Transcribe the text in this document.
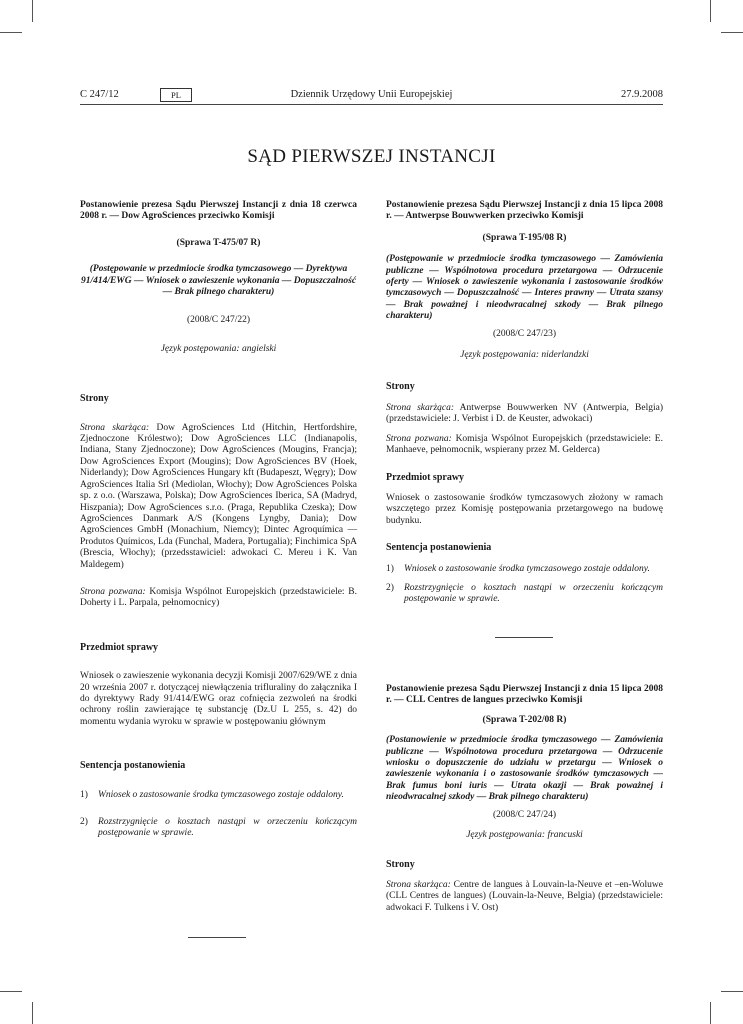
C 247/12	PL	Dziennik Urzędowy Unii Europejskiej	27.9.2008
SĄD PIERWSZEJ INSTANCJI

Postanowienie prezesa Sądu Pierwszej Instancji z dnia 18 czerwca 2008 r. — Dow AgroSciences przeciwko Komisji

(Sprawa T-475/07 R)

(Postępowanie w przedmiocie środka tymczasowego — Dyrektywa 91/414/EWG — Wniosek o zawieszenie wykonania — Dopuszczalność — Brak pilnego charakteru)

(2008/C 247/22)

Język postępowania: angielski

Strony

Strona skarżąca: Dow AgroSciences Ltd (Hitchin, Hertfordshire, Zjednoczone Królestwo); Dow AgroSciences LLC (Indianapolis, Indiana, Stany Zjednoczone); Dow AgroSciences (Mougins, Francja); Dow AgroSciences Export (Mougins); Dow AgroSciences BV (Hoek, Niderlandy); Dow AgroSciences Hungary kft (Budapeszt, Węgry); Dow AgroSciences Italia Srl (Mediolan, Włochy); Dow AgroSciences Polska sp. z o.o. (Warszawa, Polska); Dow AgroSciences Iberica, SA (Madryd, Hiszpania); Dow AgroSciences s.r.o. (Praga, Republika Czeska); Dow AgroSciences Danmark A/S (Kongens Lyngby, Dania); Dow AgroSciences GmbH (Monachium, Niemcy); Dintec Agroquímica — Produtos Químicos, Lda (Funchal, Madera, Portugalia); Finchimica SpA (Brescia, Włochy); (przedsstawiciel: adwokaci C. Mereu i K. Van Maldegem)

Strona pozwana: Komisja Wspólnot Europejskich (przedstawiciele: B. Doherty i L. Parpala, pełnomocnicy)

Przedmiot sprawy

Wniosek o zawieszenie wykonania decyzji Komisji 2007/629/WE z dnia 20 września 2007 r. dotyczącej niewłączenia trifluraliny do załącznika I do dyrektywy Rady 91/414/EWG oraz cofnięcia zezwoleń na środki ochrony roślin zawierające tę substancję (Dz.U L 255, s. 42) do momentu wydania wyroku w sprawie w postępowaniu głównym

Sentencja postanowienia

1)	Wniosek o zastosowanie środka tymczasowego zostaje oddalony.
2)	Rozstrzygnięcie o kosztach nastąpi w orzeczeniu kończącym postępowanie w sprawie.

Postanowienie prezesa Sądu Pierwszej Instancji z dnia 15 lipca 2008 r. — Antwerpse Bouwwerken przeciwko Komisji

(Sprawa T-195/08 R)

(Postępowanie w przedmiocie środka tymczasowego — Zamówienia publiczne — Wspólnotowa procedura przetargowa — Odrzucenie oferty — Wniosek o zawieszenie wykonania i zastosowanie środków tymczasowych — Dopuszczalność — Interes prawny — Utrata szansy — Brak poważnej i nieodwracalnej szkody — Brak pilnego charakteru)

(2008/C 247/23)

Język postępowania: niderlandzki

Strony

Strona skarżąca: Antwerpse Bouwwerken NV (Antwerpia, Belgia) (przedstawiciele: J. Verbist i D. de Keuster, adwokaci)

Strona pozwana: Komisja Wspólnot Europejskich (przedstawiciele: E. Manhaeve, pełnomocnik, wspierany przez M. Gelderса)

Przedmiot sprawy

Wniosek o zastosowanie środków tymczasowych złożony w ramach wszczętego przez Komisję postępowania przetargowego na budowę budynku.

Sentencja postanowienia

1)	Wniosek o zastosowanie środka tymczasowego zostaje oddalony.
2)	Rozstrzygnięcie o kosztach nastąpi w orzeczeniu kończącym postępowanie w sprawie.

Postanowienie prezesa Sądu Pierwszej Instancji z dnia 15 lipca 2008 r. — CLL Centres de langues przeciwko Komisji

(Sprawa T-202/08 R)

(Postanowienie w przedmiocie środka tymczasowego — Zamówienia publiczne — Wspólnotowa procedura przetargowa — Odrzucenie wniosku o dopuszczenie do udziału w przetargu — Wniosek o zawieszenie wykonania i o zastosowanie środków tymczasowych — Brak fumus boni iuris — Utrata okazji — Brak poważnej i nieodwracalnej szkody — Brak pilnego charakteru)

(2008/C 247/24)

Język postępowania: francuski

Strony

Strona skarżąca: Centre de langues à Louvain-la-Neuve et –en-Woluwe (CLL Centres de langues) (Louvain-la-Neuve, Belgia) (przedstawiciele: adwokaci F. Tulkens i V. Ost)
